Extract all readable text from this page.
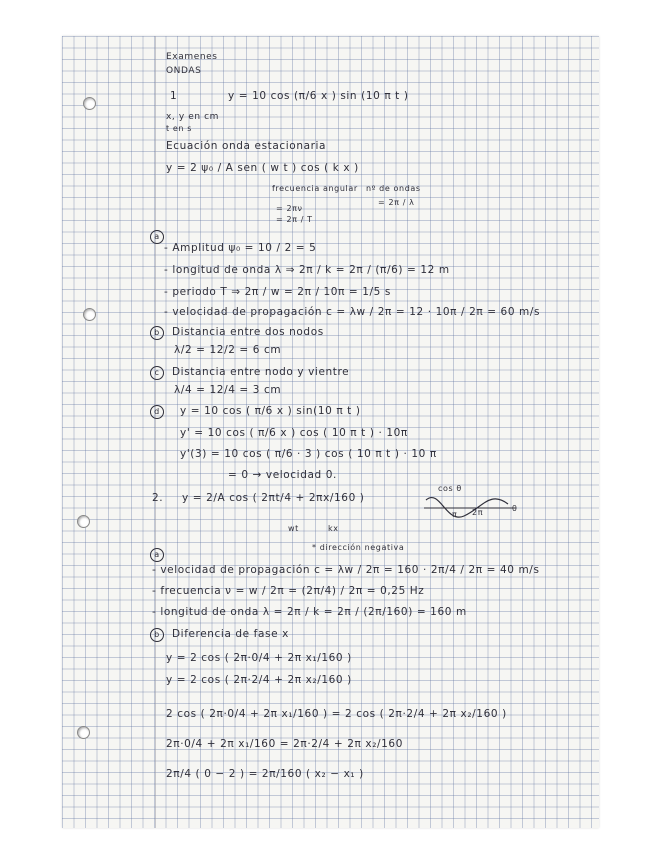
Examenes
ONDAS
1	y = 10 cos (π/6 x ) sin (10 π t )
x, y en cm
t en s
Ecuación onda estacionaria
y = 2 ψ₀ / A sen ( w t ) cos ( k x )
frecuencia angular
= 2πν
= 2π / T
nº de ondas
= 2π / λ
a
- Amplitud ψ₀ = 10 / 2 = 5
- longitud de onda λ ⇒ 2π / k = 2π / (π/6) = 12 m
- periodo T ⇒ 2π / w = 2π / 10π = 1/5 s
- velocidad de propagación c = λw / 2π = 12 · 10π / 2π = 60 m/s
b	Distancia entre dos nodos
λ/2 = 12/2 = 6 cm
c	Distancia entre nodo y vientre
λ/4 = 12/4 = 3 cm
d	y = 10 cos ( π/6 x ) sin(10 π t )
y' = 10 cos ( π/6 x ) cos ( 10 π t ) · 10π
y'(3) = 10 cos ( π/6 · 3 ) cos ( 10 π t ) · 10 π
= 0 → velocidad 0.
2. y = 2/A cos ( 2πt/4 + 2πx/160 )
wt	kx
cos θ
π 2π	θ
* dirección negativa
a
- velocidad de propagación c = λw / 2π = 160 · 2π/4 / 2π = 40 m/s
- frecuencia ν = w / 2π = (2π/4) / 2π = 0,25 Hz
- longitud de onda λ = 2π / k = 2π / (2π/160) = 160 m
b	Diferencia de fase x
y = 2 cos ( 2π·0/4 + 2π x₁/160 )
y = 2 cos ( 2π·2/4 + 2π x₂/160 )
2 cos ( 2π·0/4 + 2π x₁/160 ) = 2 cos ( 2π·2/4 + 2π x₂/160 )
2π·0/4 + 2π x₁/160 = 2π·2/4 + 2π x₂/160
2π/4 ( 0 − 2 ) = 2π/160 ( x₂ − x₁ )
